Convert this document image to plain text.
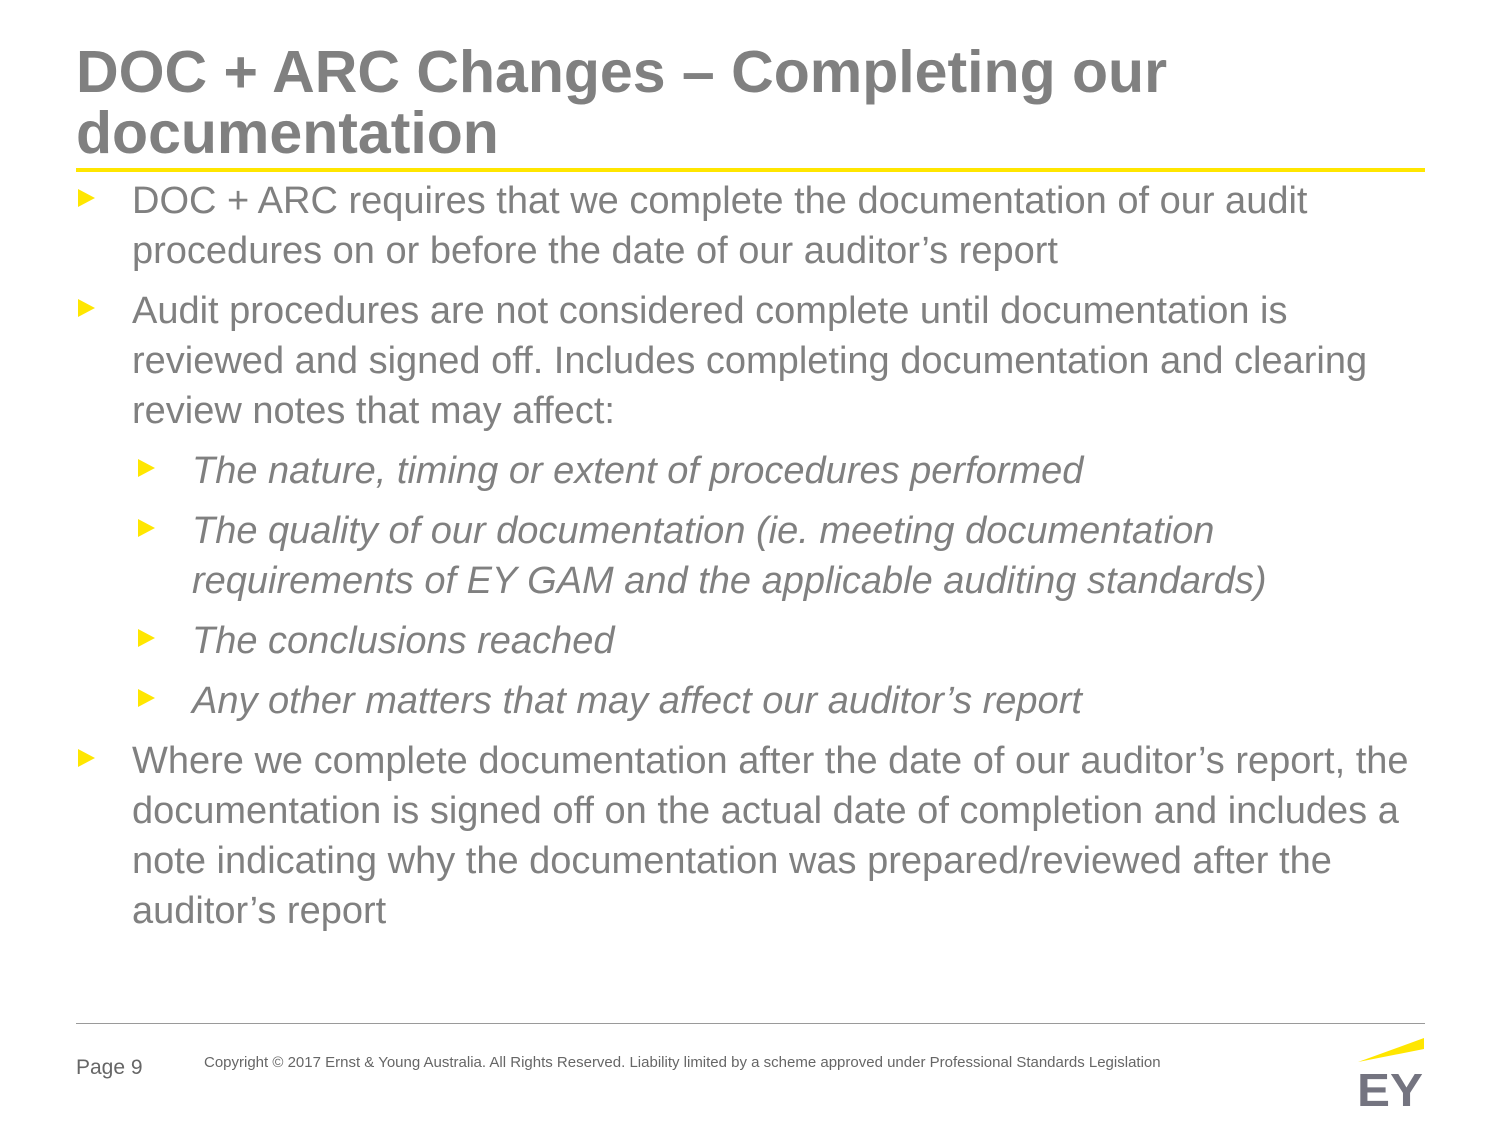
DOC + ARC Changes – Completing our documentation
DOC + ARC requires that we complete the documentation of our audit procedures on or before the date of our auditor’s report
Audit procedures are not considered complete until documentation is reviewed and signed off. Includes completing documentation and clearing review notes that may affect:
The nature, timing or extent of procedures performed
The quality of our documentation (ie. meeting documentation requirements of EY GAM and the applicable auditing standards)
The conclusions reached
Any other matters that may affect our auditor’s report
Where we complete documentation after the date of our auditor’s report, the documentation is signed off on the actual date of completion and includes a note indicating why the documentation was prepared/reviewed after the auditor’s report
Page 9	Copyright © 2017 Ernst & Young Australia. All Rights Reserved. Liability limited by a scheme approved under Professional Standards Legislation
EY
